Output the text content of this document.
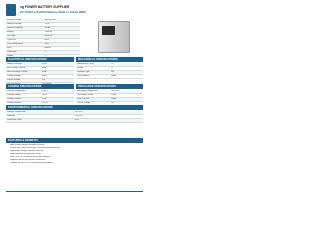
ng POWER BATTERY SUPPLIER
2V 100Ah LiFePO4 Battery Built-in Smart BMS
Electrical Model	SBT100 BV1
Nominal Voltage	12.8V
Nominal Capacity	100Ah
Energy	1280Wh
Cell Type	LiFePO4
Cycle Life	6000
Cell Configuration	4S1P
BMS	Built-in
Dimension	---
Weight	---
ELECTRICAL SPECIFICATIONS
Nominal Voltage	12.8V
Max Charge Current	100A
Max Discharge Current	100A
Charge Voltage	14.6V
Cut-off Voltage	10V

MECHANICAL SPECIFICATIONS
Dimension(L*W*H)	---
Weight	---
Terminal Type	M8
Case Material	Metal
CHARGE SPECIFICATIONS
Charge Temperature	0~45°C
Charge Voltage	14.6V
Charge Current	100A
Charge Method	CC/CV
DISCHARGE SPECIFICATIONS
Discharge Temperature	-20~60°C
Discharge Current	100A
Peak Current	200A
Cut-off Voltage	10V
ENVIRONMENTAL SPECIFICATIONS
Storage Temperature	-10~50°C
Humidity	5%~95%
Protection Class	IP65
FEATURES & BENEFITS
• High energy density and long cycle life.
• Built-in BMS with overcharge / over-discharge protection.
• Lightweight design, maintenance free.
• Wide operating temperature range.
• Safe LiFePO4 chemistry, no thermal runaway.
• Supports series and parallel connection.
• Suitable for solar, RV, marine and backup power.
